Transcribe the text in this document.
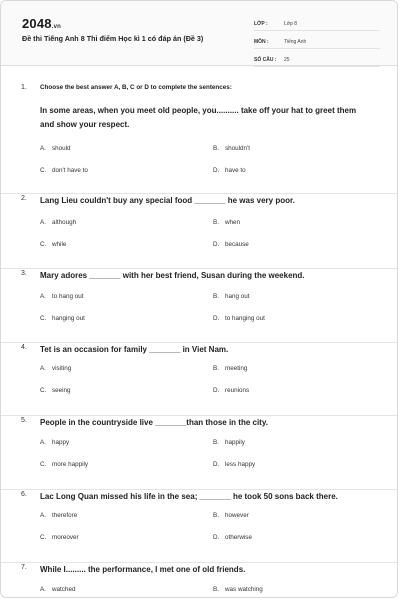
2048.vn
Đề thi Tiếng Anh 8 Thi điểm Học kì 1 có đáp án (Đề 3)
LỚP :	Lớp 8
MÔN :	Tiếng Anh
SỐ CÂU :	25
1. Choose the best answer A, B, C or D to complete the sentences:
In some areas, when you meet old people, you.......... take off your hat to greet them and show your respect.
A. should	B. shouldn't
C. don't have to	D. have to
2. Lang Lieu couldn't buy any special food _______ he was very poor.
A. although	B. when
C. while	D. because
3. Mary adores _______ with her best friend, Susan during the weekend.
A. to hang out	B. hang out
C. hanging out	D. to hanging out
4. Tet is an occasion for family _______ in Viet Nam.
A. visiting	B. meeting
C. seeing	D. reunions
5. People in the countryside live _______than those in the city.
A. happy	B. happily
C. more happily	D. less happy
6. Lac Long Quan missed his life in the sea; _______ he took 50 sons back there.
A. therefore	B. however
C. moreover	D. otherwise
7. While I......... the performance, I met one of old friends.
A. watched	B. was watching
